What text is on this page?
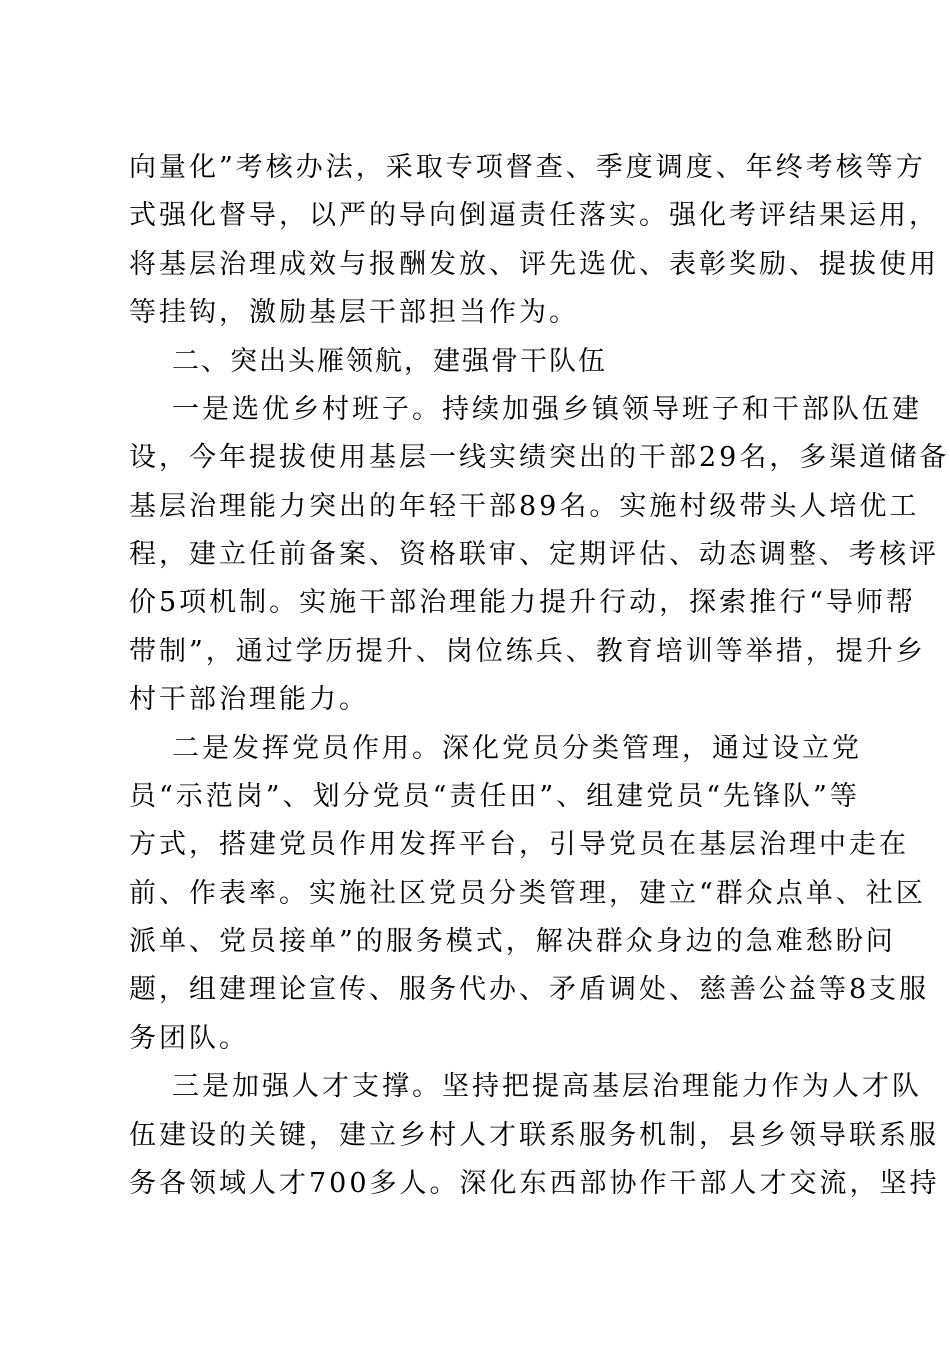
向量化”考核办法，采取专项督查、季度调度、年终考核等方
式强化督导，以严的导向倒逼责任落实。强化考评结果运用，
将基层治理成效与报酬发放、评先选优、表彰奖励、提拔使用
等挂钩，激励基层干部担当作为。
二、突出头雁领航，建强骨干队伍
一是选优乡村班子。持续加强乡镇领导班子和干部队伍建
设，今年提拔使用基层一线实绩突出的干部29名，多渠道储备
基层治理能力突出的年轻干部89名。实施村级带头人培优工
程，建立任前备案、资格联审、定期评估、动态调整、考核评
价5项机制。实施干部治理能力提升行动，探索推行“导师帮
带制”，通过学历提升、岗位练兵、教育培训等举措，提升乡
村干部治理能力。
二是发挥党员作用。深化党员分类管理，通过设立党
员“示范岗”、划分党员“责任田”、组建党员“先锋队”等
方式，搭建党员作用发挥平台，引导党员在基层治理中走在
前、作表率。实施社区党员分类管理，建立“群众点单、社区
派单、党员接单”的服务模式，解决群众身边的急难愁盼问
题，组建理论宣传、服务代办、矛盾调处、慈善公益等8支服
务团队。
三是加强人才支撑。坚持把提高基层治理能力作为人才队
伍建设的关键，建立乡村人才联系服务机制，县乡领导联系服
务各领域人才700多人。深化东西部协作干部人才交流，坚持
